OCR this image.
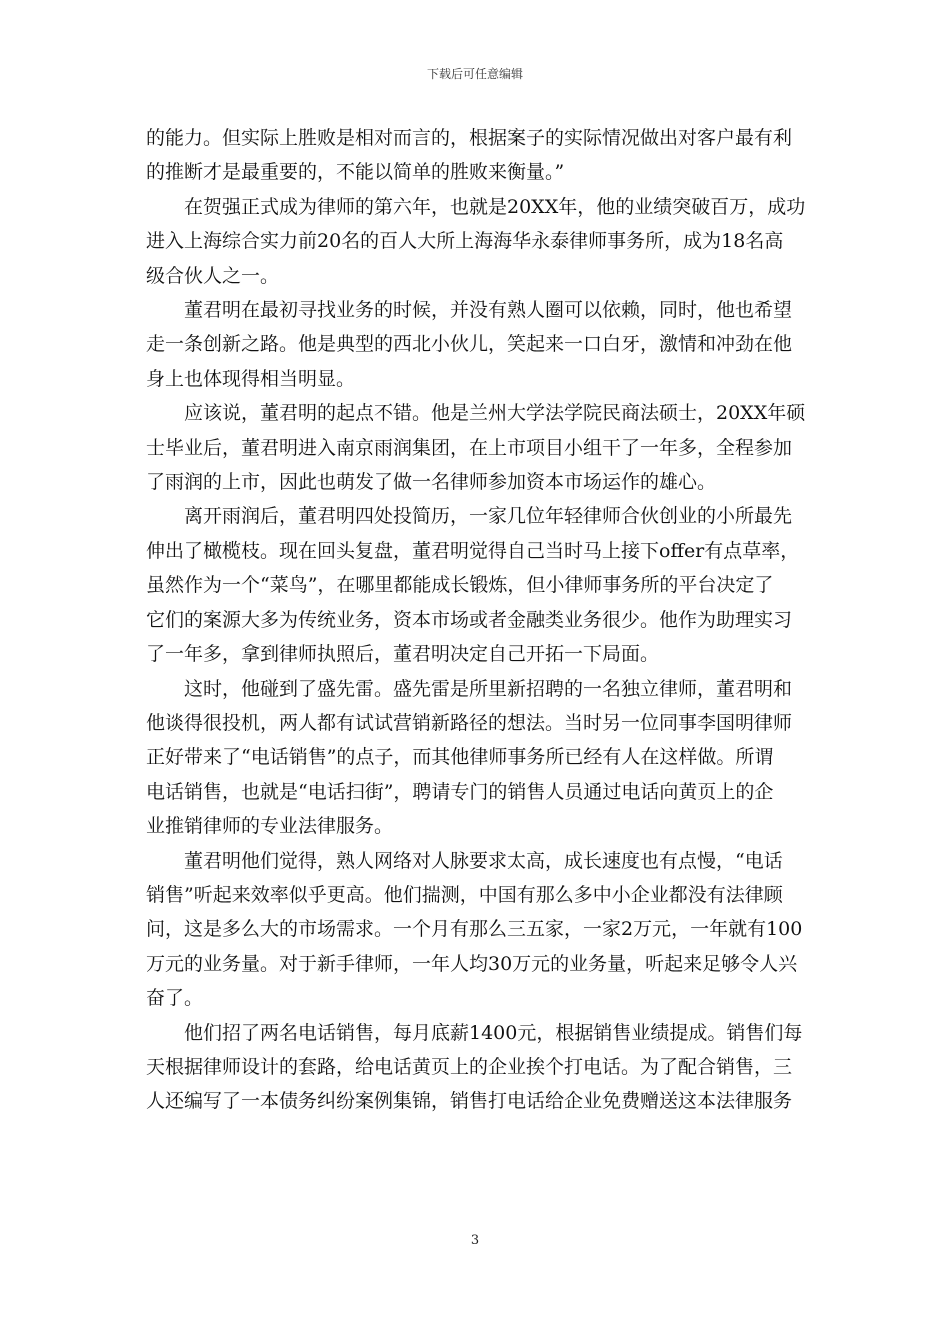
下载后可任意编辑

的能力。但实际上胜败是相对而言的，根据案子的实际情况做出对客户最有利
的推断才是最重要的，不能以简单的胜败来衡量。”

在贺强正式成为律师的第六年，也就是20XX年，他的业绩突破百万，成功
进入上海综合实力前20名的百人大所上海海华永泰律师事务所，成为18名高
级合伙人之一。

董君明在最初寻找业务的时候，并没有熟人圈可以依赖，同时，他也希望
走一条创新之路。他是典型的西北小伙儿，笑起来一口白牙，激情和冲劲在他
身上也体现得相当明显。

应该说，董君明的起点不错。他是兰州大学法学院民商法硕士，20XX年硕
士毕业后，董君明进入南京雨润集团，在上市项目小组干了一年多，全程参加
了雨润的上市，因此也萌发了做一名律师参加资本市场运作的雄心。

离开雨润后，董君明四处投简历，一家几位年轻律师合伙创业的小所最先
伸出了橄榄枝。现在回头复盘，董君明觉得自己当时马上接下offer有点草率，
虽然作为一个“菜鸟”，在哪里都能成长锻炼，但小律师事务所的平台决定了
它们的案源大多为传统业务，资本市场或者金融类业务很少。他作为助理实习
了一年多，拿到律师执照后，董君明决定自己开拓一下局面。

这时，他碰到了盛先雷。盛先雷是所里新招聘的一名独立律师，董君明和
他谈得很投机，两人都有试试营销新路径的想法。当时另一位同事李国明律师
正好带来了“电话销售”的点子，而其他律师事务所已经有人在这样做。所谓
电话销售，也就是“电话扫街”，聘请专门的销售人员通过电话向黄页上的企
业推销律师的专业法律服务。

董君明他们觉得，熟人网络对人脉要求太高，成长速度也有点慢，“电话
销售”听起来效率似乎更高。他们揣测，中国有那么多中小企业都没有法律顾
问，这是多么大的市场需求。一个月有那么三五家，一家2万元，一年就有100
万元的业务量。对于新手律师，一年人均30万元的业务量，听起来足够令人兴
奋了。

他们招了两名电话销售，每月底薪1400元，根据销售业绩提成。销售们每
天根据律师设计的套路，给电话黄页上的企业挨个打电话。为了配合销售，三
人还编写了一本债务纠纷案例集锦，销售打电话给企业免费赠送这本法律服务

3
